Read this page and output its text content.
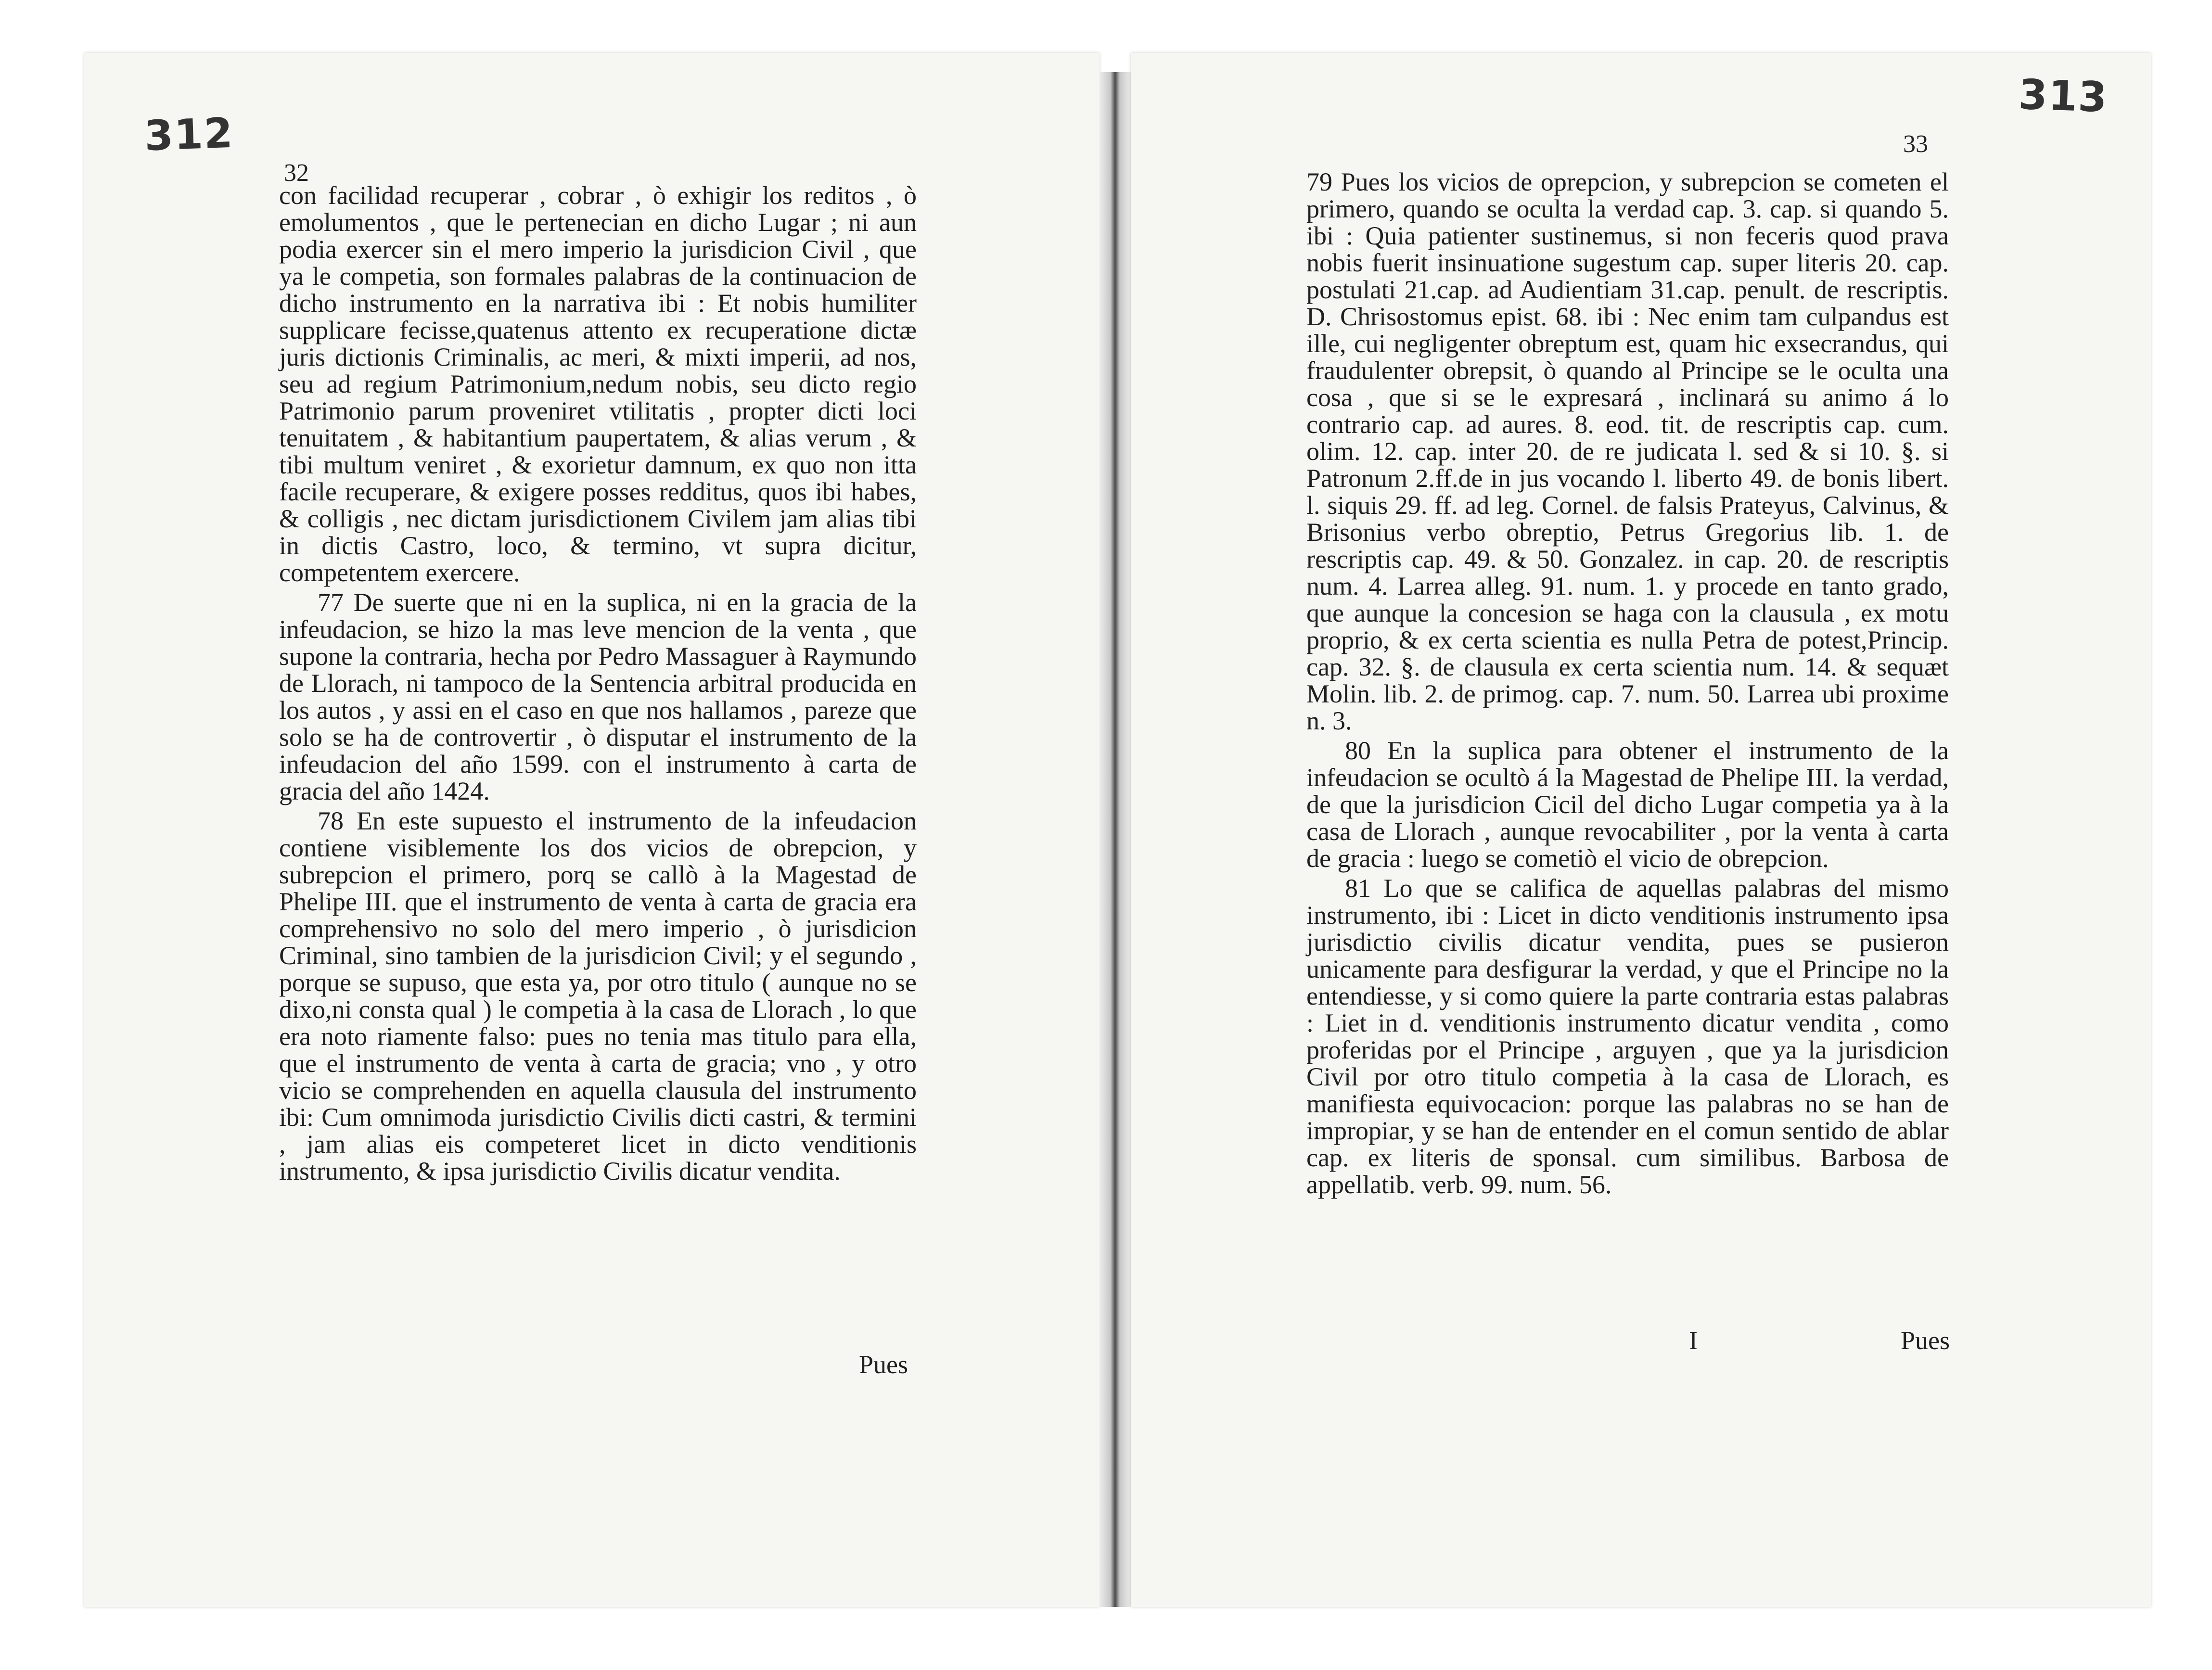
312
313
32
33

con facilidad recuperar , cobrar , ò exhigir los reditos , ò emolumentos , que le pertenecian en dicho Lugar ; ni aun podia exercer sin el mero imperio la jurisdicion Civil , que ya le competia, son formales palabras de la continuacion de dicho instrumento en la narrativa ibi : Et nobis humiliter supplicare fecisse,quatenus attento ex recuperatione dictæ juris dictionis Criminalis, ac meri, & mixti imperii, ad nos, seu ad regium Patrimonium,nedum nobis, seu dicto regio Patrimonio parum proveniret vtilitatis , propter dicti loci tenuitatem , & habitantium paupertatem, & alias verum , & tibi multum veniret , & exorietur damnum, ex quo non itta facile recuperare, & exigere posses redditus, quos ibi habes, & colligis , nec dictam jurisdictionem Civilem jam alias tibi in dictis Castro, loco, & termino, vt supra dicitur, competentem exercere.

77 De suerte que ni en la suplica, ni en la gracia de la infeudacion, se hizo la mas leve mencion de la venta , que supone la contraria, hecha por Pedro Massaguer à Raymundo de Llorach, ni tampoco de la Sentencia arbitral producida en los autos , y assi en el caso en que nos hallamos , pareze que solo se ha de controvertir , ò disputar el instrumento de la infeudacion del año 1599. con el instrumento à carta de gracia del año 1424.

78 En este supuesto el instrumento de la infeudacion contiene visiblemente los dos vicios de obrepcion, y subrepcion el primero, porq se callò à la Magestad de Phelipe III. que el instrumento de venta à carta de gracia era comprehensivo no solo del mero imperio , ò jurisdicion Criminal, sino tambien de la jurisdicion Civil; y el segundo , porque se supuso, que esta ya, por otro titulo ( aunque no se dixo,ni consta qual ) le competia à la casa de Llorach , lo que era noto riamente falso: pues no tenia mas titulo para ella, que el instrumento de venta à carta de gracia; vno , y otro vicio se comprehenden en aquella clausula del instrumento ibi: Cum omnimoda jurisdictio Civilis dicti castri, & termini , jam alias eis competeret licet in dicto venditionis instrumento, & ipsa jurisdictio Civilis dicatur vendita.

Pues

79 Pues los vicios de oprepcion, y subrepcion se cometen el primero, quando se oculta la verdad cap. 3. cap. si quando 5. ibi : Quia patienter sustinemus, si non feceris quod prava nobis fuerit insinuatione sugestum cap. super literis 20. cap. postulati 21.cap. ad Audientiam 31.cap. penult. de rescriptis. D. Chrisostomus epist. 68. ibi : Nec enim tam culpandus est ille, cui negligenter obreptum est, quam hic exsecrandus, qui fraudulenter obrepsit, ò quando al Principe se le oculta una cosa , que si se le expresará , inclinará su animo á lo contrario cap. ad aures. 8. eod. tit. de rescriptis cap. cum. olim. 12. cap. inter 20. de re judicata l. sed & si 10. §. si Patronum 2.ff.de in jus vocando l. liberto 49. de bonis libert. l. siquis 29. ff. ad leg. Cornel. de falsis Prateyus, Calvinus, & Brisonius verbo obreptio, Petrus Gregorius lib. 1. de rescriptis cap. 49. & 50. Gonzalez. in cap. 20. de rescriptis num. 4. Larrea alleg. 91. num. 1. y procede en tanto grado, que aunque la concesion se haga con la clausula , ex motu proprio, & ex certa scientia es nulla Petra de potest,Princip. cap. 32. §. de clausula ex certa scientia num. 14. & sequæt Molin. lib. 2. de primog. cap. 7. num. 50. Larrea ubi proxime n. 3.

80 En la suplica para obtener el instrumento de la infeudacion se ocultò á la Magestad de Phelipe III. la verdad, de que la jurisdicion Cicil del dicho Lugar competia ya à la casa de Llorach , aunque revocabiliter , por la venta à carta de gracia : luego se cometiò el vicio de obrepcion.

81 Lo que se califica de aquellas palabras del mismo instrumento, ibi : Licet in dicto venditionis instrumento ipsa jurisdictio civilis dicatur vendita, pues se pusieron unicamente para desfigurar la verdad, y que el Principe no la entendiesse, y si como quiere la parte contraria estas palabras : Liet in d. venditionis instrumento dicatur vendita , como proferidas por el Principe , arguyen , que ya la jurisdicion Civil por otro titulo competia à la casa de Llorach, es manifiesta equivocacion: porque las palabras no se han de impropiar, y se han de entender en el comun sentido de ablar cap. ex literis de sponsal. cum similibus. Barbosa de appellatib. verb. 99. num. 56.

I	Pues
